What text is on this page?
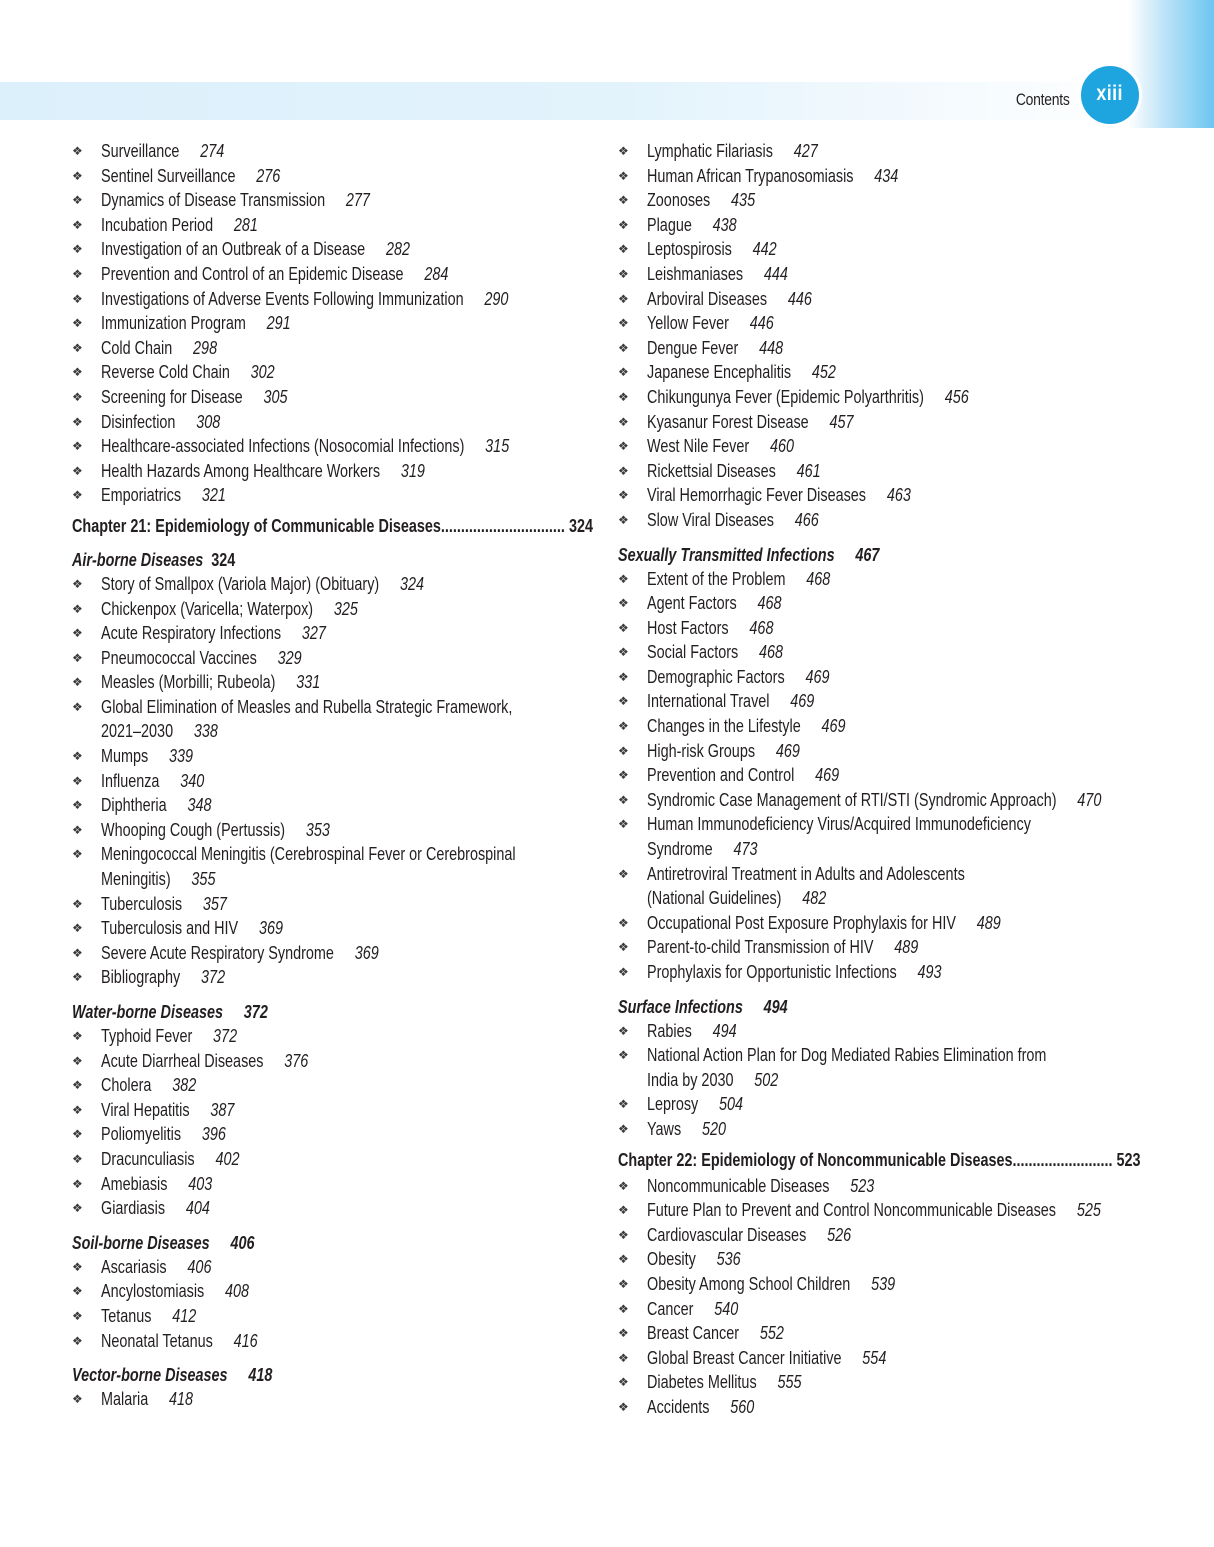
Contents xiii
❖ Surveillance 274
❖ Sentinel Surveillance 276
❖ Dynamics of Disease Transmission 277
❖ Incubation Period 281
❖ Investigation of an Outbreak of a Disease 282
❖ Prevention and Control of an Epidemic Disease 284
❖ Investigations of Adverse Events Following Immunization 290
❖ Immunization Program 291
❖ Cold Chain 298
❖ Reverse Cold Chain 302
❖ Screening for Disease 305
❖ Disinfection 308
❖ Healthcare-associated Infections (Nosocomial Infections) 315
❖ Health Hazards Among Healthcare Workers 319
❖ Emporiatrics 321
Chapter 21: Epidemiology of Communicable Diseases............................... 324
Air-borne Diseases 324
❖ Story of Smallpox (Variola Major) (Obituary) 324
❖ Chickenpox (Varicella; Waterpox) 325
❖ Acute Respiratory Infections 327
❖ Pneumococcal Vaccines 329
❖ Measles (Morbilli; Rubeola) 331
❖ Global Elimination of Measles and Rubella Strategic Framework,
2021–2030 338
❖ Mumps 339
❖ Influenza 340
❖ Diphtheria 348
❖ Whooping Cough (Pertussis) 353
❖ Meningococcal Meningitis (Cerebrospinal Fever or Cerebrospinal
Meningitis) 355
❖ Tuberculosis 357
❖ Tuberculosis and HIV 369
❖ Severe Acute Respiratory Syndrome 369
❖ Bibliography 372
Water-borne Diseases 372
❖ Typhoid Fever 372
❖ Acute Diarrheal Diseases 376
❖ Cholera 382
❖ Viral Hepatitis 387
❖ Poliomyelitis 396
❖ Dracunculiasis 402
❖ Amebiasis 403
❖ Giardiasis 404
Soil-borne Diseases 406
❖ Ascariasis 406
❖ Ancylostomiasis 408
❖ Tetanus 412
❖ Neonatal Tetanus 416
Vector-borne Diseases 418
❖ Malaria 418
❖ Lymphatic Filariasis 427
❖ Human African Trypanosomiasis 434
❖ Zoonoses 435
❖ Plague 438
❖ Leptospirosis 442
❖ Leishmaniases 444
❖ Arboviral Diseases 446
❖ Yellow Fever 446
❖ Dengue Fever 448
❖ Japanese Encephalitis 452
❖ Chikungunya Fever (Epidemic Polyarthritis) 456
❖ Kyasanur Forest Disease 457
❖ West Nile Fever 460
❖ Rickettsial Diseases 461
❖ Viral Hemorrhagic Fever Diseases 463
❖ Slow Viral Diseases 466
Sexually Transmitted Infections 467
❖ Extent of the Problem 468
❖ Agent Factors 468
❖ Host Factors 468
❖ Social Factors 468
❖ Demographic Factors 469
❖ International Travel 469
❖ Changes in the Lifestyle 469
❖ High-risk Groups 469
❖ Prevention and Control 469
❖ Syndromic Case Management of RTI/STI (Syndromic Approach) 470
❖ Human Immunodeficiency Virus/Acquired Immunodeficiency
Syndrome 473
❖ Antiretroviral Treatment in Adults and Adolescents
(National Guidelines) 482
❖ Occupational Post Exposure Prophylaxis for HIV 489
❖ Parent-to-child Transmission of HIV 489
❖ Prophylaxis for Opportunistic Infections 493
Surface Infections 494
❖ Rabies 494
❖ National Action Plan for Dog Mediated Rabies Elimination from
India by 2030 502
❖ Leprosy 504
❖ Yaws 520
Chapter 22: Epidemiology of Noncommunicable Diseases......................... 523
❖ Noncommunicable Diseases 523
❖ Future Plan to Prevent and Control Noncommunicable Diseases 525
❖ Cardiovascular Diseases 526
❖ Obesity 536
❖ Obesity Among School Children 539
❖ Cancer 540
❖ Breast Cancer 552
❖ Global Breast Cancer Initiative 554
❖ Diabetes Mellitus 555
❖ Accidents 560
